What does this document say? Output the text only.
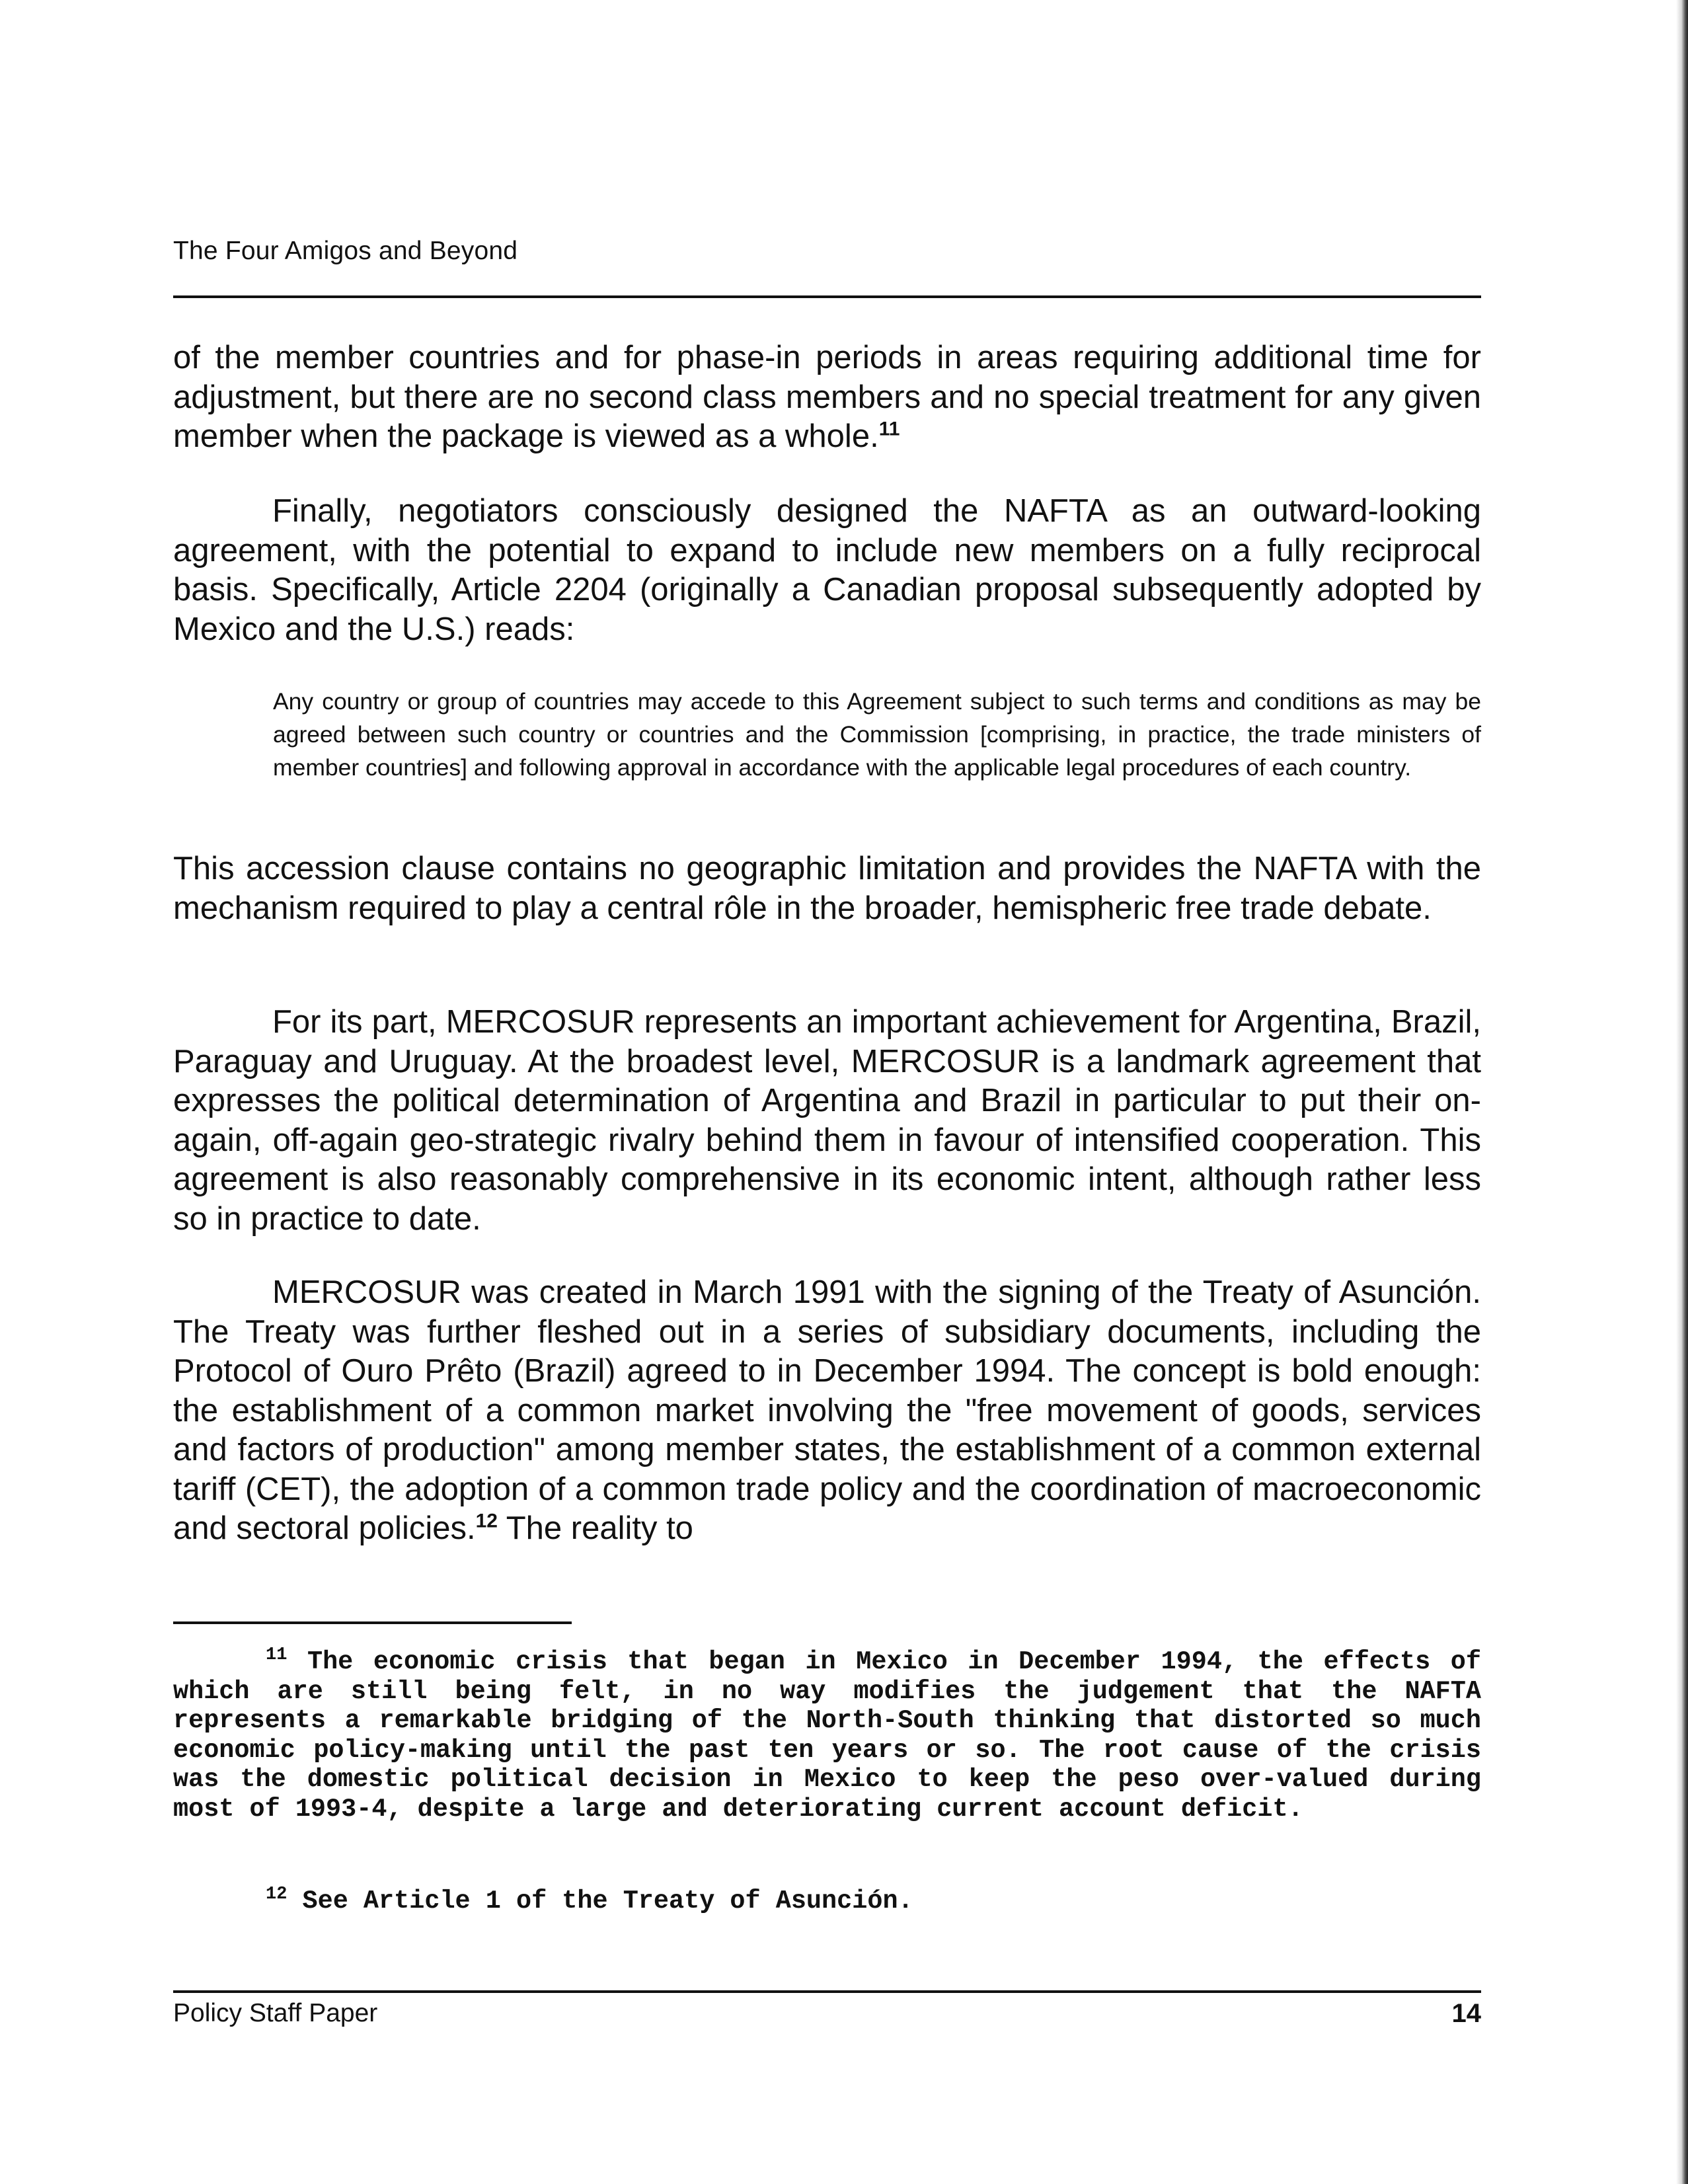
The Four Amigos and Beyond

of the member countries and for phase-in periods in areas requiring additional time for adjustment, but there are no second class members and no special treatment for any given member when the package is viewed as a whole.$^{11}$

Finally, negotiators consciously designed the NAFTA as an outward-looking agreement, with the potential to expand to include new members on a fully reciprocal basis. Specifically, Article 2204 (originally a Canadian proposal subsequently adopted by Mexico and the U.S.) reads:

Any country or group of countries may accede to this Agreement subject to such terms and conditions as may be agreed between such country or countries and the Commission [comprising, in practice, the trade ministers of member countries] and following approval in accordance with the applicable legal procedures of each country.

This accession clause contains no geographic limitation and provides the NAFTA with the mechanism required to play a central rôle in the broader, hemispheric free trade debate.

For its part, MERCOSUR represents an important achievement for Argentina, Brazil, Paraguay and Uruguay. At the broadest level, MERCOSUR is a landmark agreement that expresses the political determination of Argentina and Brazil in particular to put their on-again, off-again geo-strategic rivalry behind them in favour of intensified cooperation. This agreement is also reasonably comprehensive in its economic intent, although rather less so in practice to date.

MERCOSUR was created in March 1991 with the signing of the Treaty of Asunción. The Treaty was further fleshed out in a series of subsidiary documents, including the Protocol of Ouro Prêto (Brazil) agreed to in December 1994. The concept is bold enough: the establishment of a common market involving the "free movement of goods, services and factors of production" among member states, the establishment of a common external tariff (CET), the adoption of a common trade policy and the coordination of macroeconomic and sectoral policies.$^{12}$ The reality to

$^{11}$ The economic crisis that began in Mexico in December 1994, the effects of which are still being felt, in no way modifies the judgement that the NAFTA represents a remarkable bridging of the North-South thinking that distorted so much economic policy-making until the past ten years or so. The root cause of the crisis was the domestic political decision in Mexico to keep the peso over-valued during most of 1993-4, despite a large and deteriorating current account deficit.

$^{12}$ See Article 1 of the Treaty of Asunción.

Policy Staff Paper	14
